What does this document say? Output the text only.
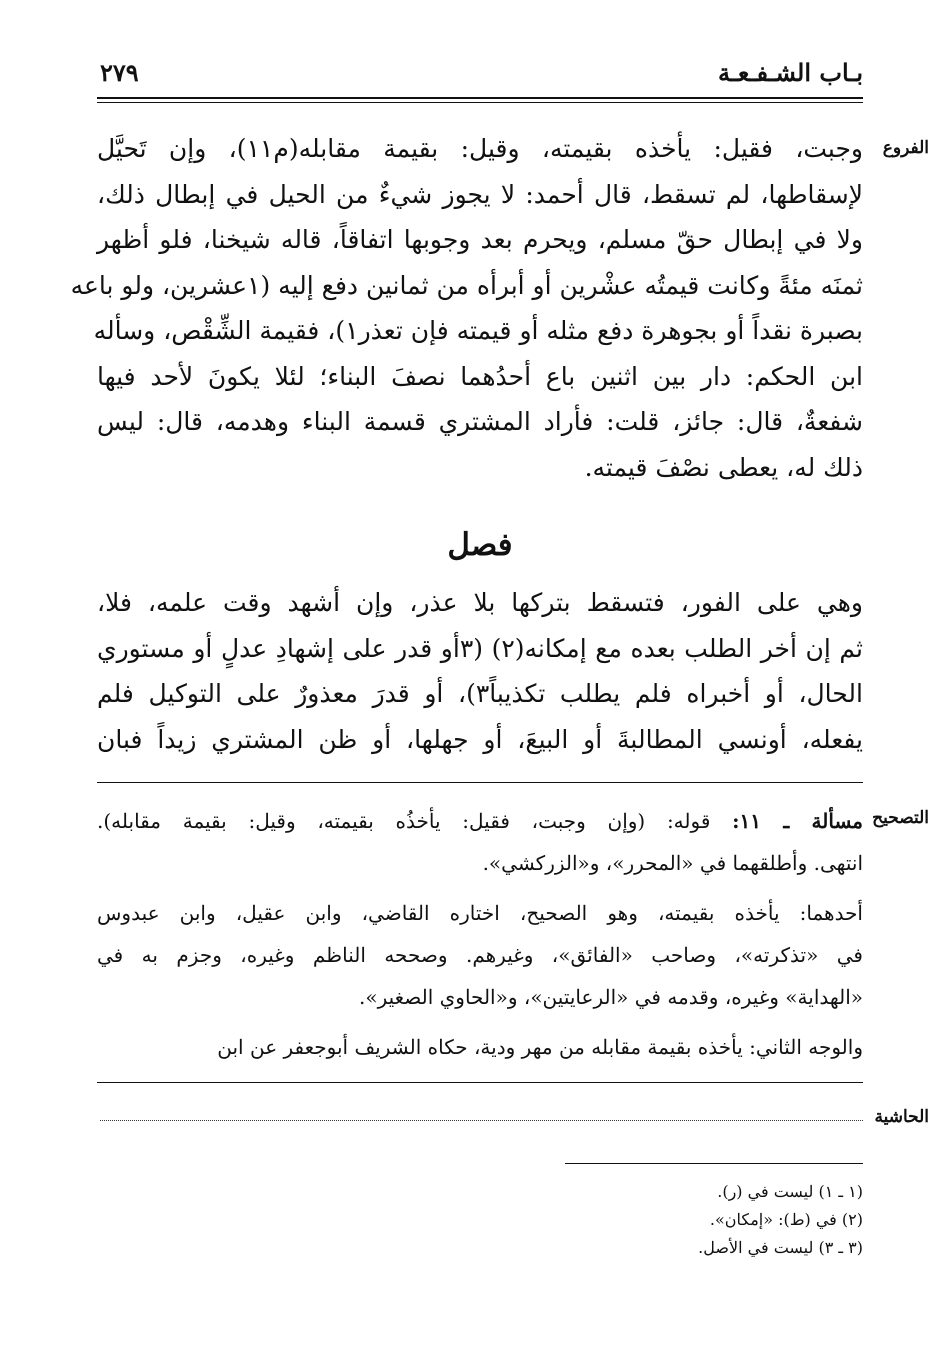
بـاب الشـفـعـة
٢٧٩
الفروع
وجبت، فقيل: يأخذه بقيمته، وقيل: بقيمة مقابله(م١١)، وإن تَحيَّل
لإسقاطها، لم تسقط، قال أحمد: لا يجوز شيءٌ من الحيل في إبطال ذلك،
ولا في إبطال حقّ مسلم، ويحرم بعد وجوبها اتفاقاً، قاله شيخنا، فلو أظهر
ثمنَه مئةً وكانت قيمتُه عشْرين أو أبرأه من ثمانين دفع إليه (١عشرين، ولو باعه
بصبرة نقداً أو بجوهرة دفع مثله أو قيمته فإن تعذر١)، فقيمة الشِّقْص، وسأله
ابن الحكم: دار بين اثنين باع أحدُهما نصفَ البناء؛ لئلا يكونَ لأحد فيها
شفعةٌ، قال: جائز، قلت: فأراد المشتري قسمة البناء وهدمه، قال: ليس
ذلك له، يعطى نصْفَ قيمته.
فصل
وهي على الفور، فتسقط بتركها بلا عذر، وإن أشهد وقت علمه، فلا،
ثم إن أخر الطلب بعده مع إمكانه(٢) (٣أو قدر على إشهادِ عدلٍ أو مستوري
الحال، أو أخبراه فلم يطلب تكذيباً٣)، أو قدرَ معذورٌ على التوكيل فلم
يفعله، أونسي المطالبةَ أو البيعَ، أو جهلها، أو ظن المشتري زيداً فبان
التصحيح
مسألة ـ ١١: قوله: (وإن وجبت، فقيل: يأخذُه بقيمته، وقيل: بقيمة مقابله).
انتهى. وأطلقهما في «المحرر»، و«الزركشي».
أحدهما: يأخذه بقيمته، وهو الصحيح، اختاره القاضي، وابن عقيل، وابن عبدوس
في «تذكرته»، وصاحب «الفائق»، وغيرهم. وصححه الناظم وغيره، وجزم به في
«الهداية» وغيره، وقدمه في «الرعايتين»، و«الحاوي الصغير».
والوجه الثاني: يأخذه بقيمة مقابله من مهر ودية، حكاه الشريف أبوجعفر عن ابن
الحاشية
(١ ـ ١) ليست في (ر).
(٢) في (ط): «إمكان».
(٣ ـ ٣) ليست في الأصل.
